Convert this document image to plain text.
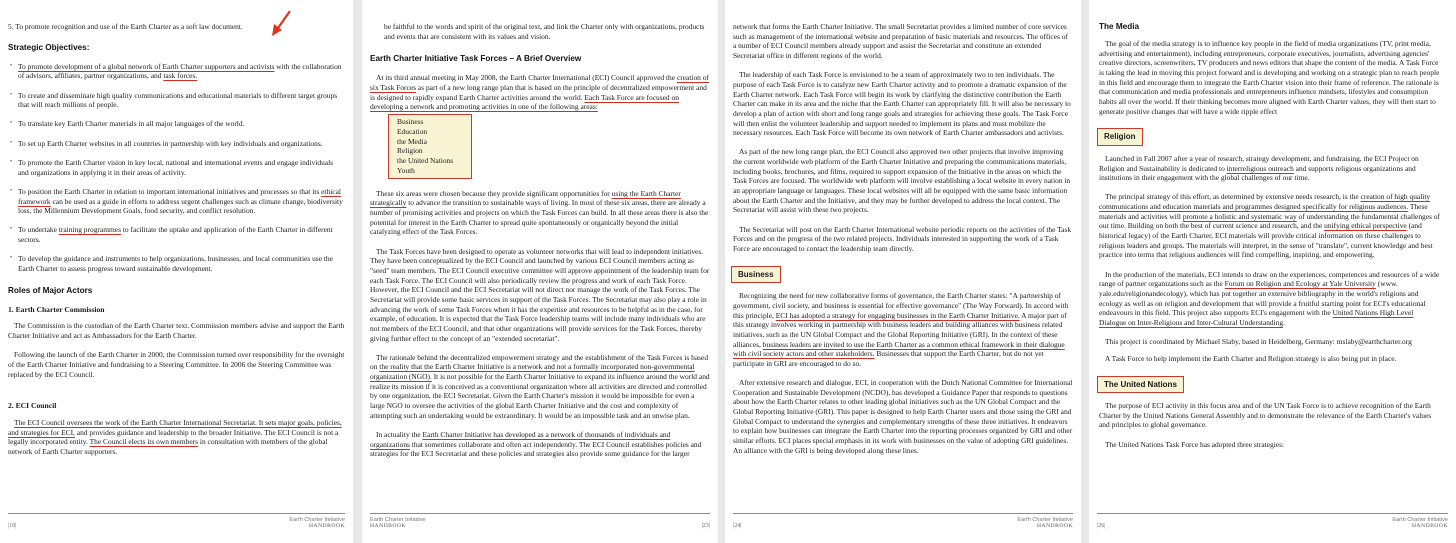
5. To promote recognition and use of the Earth Charter as a soft law document.

Strategic Objectives:
• To promote development of a global network of Earth Charter supporters and activists with the collaboration of advisors, affiliates, partner organizations, and task forces.
• To create and disseminate high quality communications and educational materials to different target groups that will reach millions of people.
• To translate key Earth Charter materials in all major languages of the world.
• To set up Earth Charter websites in all countries in partnership with key individuals and organizations.
• To promote the Earth Charter vision in key local, national and international events and engage individuals and organizations in applying it in their areas of activity.
• To position the Earth Charter in relation to important international initiatives and processes so that its ethical framework can be used as a guide in efforts to address urgent challenges such as climate change, biodiversity loss, the Millennium Development Goals, food security, and conflict resolution.
• To undertake training programmes to facilitate the uptake and application of the Earth Charter in different sectors.
• To develop the guidance and instruments to help organizations, businesses, and local communities use the Earth Charter to assess progress toward sustainable development.
Roles of Major Actors
1. Earth Charter Commission

The Commission is the custodian of the Earth Charter text. Commission members advise and support the Earth Charter Initiative and act as Ambassadors for the Earth Charter.

Following the launch of the Earth Charter in 2000, the Commission turned over responsibility for the oversight of the Earth Charter Initiative and fundraising to a Steering Committee. In 2006 the Steering Committee was replaced by the ECI Council.

2. ECI Council

The ECI Council oversees the work of the Earth Charter International Secretariat. It sets major goals, policies, and strategies for ECI, and provides guidance and leadership to the broader Initiative. The ECI Council is not a legally incorporated entity. The Council elects its own members in consultation with members of the global network of Earth Charter supporters.

|10|
Earth Charter Initiative
HANDBOOK

be faithful to the words and spirit of the original text, and link the Charter only with organizations, products and events that are consistent with its values and vision.

Earth Charter Initiative Task Forces – A Brief Overview

At its third annual meeting in May 2008, the Earth Charter International (ECI) Council approved the creation of six Task Forces as part of a new long range plan that is based on the principle of decentralized empowerment and is designed to rapidly expand Earth Charter activities around the world. Each Task Force are focused on developing a network and promoting activities in one of the following areas:

Business
Education
the Media
Religion
the United Nations
Youth

These six areas were chosen because they provide significant opportunities for using the Earth Charter strategically to advance the transition to sustainable ways of living. In most of these six areas, there are already a number of promising activities and projects on which the Task Forces can build. In all these areas there is also the potential for interest in the Earth Charter to spread quite spontaneously or organically beyond the initial catalyzing effect of the Task Forces.

The Task Forces have been designed to operate as volunteer networks that will lead to independent initiatives. They have been conceptualized by the ECI Council and launched by various ECI Council members acting as "seed" team members. The ECI Council executive committee will approve appointment of the leadership team for each Task Force. The ECI Council will also periodically review the progress and work of each Task Force. However, the ECI Council and the ECI Secretariat will not direct nor manage the work of the Task Forces. The Secretariat will provide some basic services in support of the Task Forces. The Secretariat may also play a role in advancing the work of some Task Forces when it has the expertise and resources to be helpful as in the case, for example, of education. It is expected that the Task Force leadership teams will include many individuals who are not members of the ECI Council, and that other organizations will provide services for the Task Forces, thereby giving further effect to the concept of an "extended secretariat".

The rationale behind the decentralized empowerment strategy and the establishment of the Task Forces is based on the reality that the Earth Charter Initiative is a network and not a formally incorporated non-governmental organization (NGO). It is not possible for the Earth Charter Initiative to expand its influence around the world and realize its mission if it is conceived as a conventional organization where all activities are directed and controlled by one organization, the ECI Secretariat. Given the Earth Charter's mission it would be impossible for even a large NGO to oversee the activities of the global Earth Charter Initiative and the cost and complexity of attempting such an undertaking would be extraordinary. It would be an impossible task and an unwise plan.

In actuality the Earth Charter Initiative has developed as a network of thousands of individuals and organizations that sometimes collaborate and often act independently. The ECI Council establishes policies and strategies for the ECI Secretariat and these policies and strategies also provide some guidance for the larger

Earth Charter Initiative
HANDBOOK	|23|

network that forms the Earth Charter Initiative. The small Secretariat provides a limited number of core services such as management of the international website and preparation of basic materials and resources. The offices of a number of ECI Council members already support and assist the Secretariat and constitute an extended Secretariat office in different regions of the world.

The leadership of each Task Force is envisioned to be a team of approximately two to ten individuals. The purpose of each Task Force is to catalyze new Earth Charter activity and to promote a dramatic expansion of the Earth Charter network. Each Task Force will begin its work by clarifying the distinctive contribution the Earth Charter can make in its area and the niche that the Earth Charter can appropriately fill. It will also be necessary to develop a plan of action with short and long range goals and strategies for achieving these goals. The Task Force will then enlist the volunteer leadership and support needed to implement its plans and must mobilize the necessary resources. Each Task Force will become its own network of Earth Charter ambassadors and activists.

As part of the new long range plan, the ECI Council also approved two other projects that involve improving the current worldwide web platform of the Earth Charter Initiative and preparing the communications materials, including books, brochures, and films, required to support expansion of the Initiative in the areas on which the Task Forces are focused. The worldwide web platform will involve establishing a local website in every nation in an appropriate language or languages. These local websites will all be equipped with the same basic information about the Earth Charter and the Initiative, and they may be further developed to address the local context. The Secretariat will assist with these two projects.

The Secretariat will post on the Earth Charter International website periodic reports on the activities of the Task Forces and on the progress of the two related projects. Individuals interested in supporting the work of a Task Force are encouraged to contact the leadership team directly.

Business

Recognizing the need for new collaborative forms of governance, the Earth Charter states: "A partnership of government, civil society, and business is essential for effective governance" (The Way Forward). In accord with this principle, ECI has adopted a strategy for engaging businesses in the Earth Charter Initiative. A major part of this strategy involves working in partnership with business leaders and building alliances with business related initiatives, such as the UN Global Compact and the Global Reporting Initiative (GRI). In the context of these alliances, business leaders are invited to use the Earth Charter as a common ethical framework in their dialogue with civil society actors and other stakeholders. Businesses that support the Earth Charter, but do not yet participate in GRI are encouraged to do so.

After extensive research and dialogue, ECI, in cooperation with the Dutch National Committee for International Cooperation and Sustainable Development (NCDO), has developed a Guidance Paper that responds to questions about how the Earth Charter relates to other leading global initiatives such as the UN Global Compact and the Global Reporting Initiative (GRI). This paper is designed to help Earth Charter users and those using the GRI and Global Compact to understand the synergies and complementary strengths of these three initiatives. It endeavors to explain how businesses can integrate the Earth Charter into the reporting processes organized by GRI and other similar efforts. ECI places special emphasis in its work with businesses on the value of adopting GRI guidelines. An alliance with the GRI is being developed along these lines.

|24|
Earth Charter Initiative
HANDBOOK
The Media

The goal of the media strategy is to influence key people in the field of media organizations (TV, print media, advertising and entertainment), including entrepreneurs, corporate executives, journalists, advertising agencies' creative directors, screenwriters, TV producers and news editors that shape the content of the media. A Task Force is taking the lead in moving this project forward and is developing and working on a strategic plan to reach people in this field and encourage them to integrate the Earth Charter vision into their frame of reference. The rationale is that communication and media professionals and entrepreneurs influence mindsets, lifestyles and consumption habits all over the world. If their thinking becomes more aligned with Earth Charter values, they will then start to generate positive changes that will have a wide ripple effect

Religion

Launched in Fall 2007 after a year of research, strategy development, and fundraising, the ECI Project on Religion and Sustainability is dedicated to interreligious outreach and supports religious organizations and institutions in their engagement with the global challenges of our time.

The principal strategy of this effort, as determined by extensive needs research, is the creation of high quality communications and education materials and programmes designed specifically for religious audiences. These materials and activities will promote a holistic and systematic way of understanding the fundamental challenges of our time. Building on both the best of current science and research, and the unifying ethical perspective (and historical legacy) of the Earth Charter, ECI materials will provide critical information on these challenges to religious leaders and groups. The materials will interpret, in the sense of "translate", current knowledge and best practice into terms that religious audiences will find compelling, inspiring, and empowering.

In the production of the materials, ECI intends to draw on the experiences, competences and resources of a wide range of partner organizations such as the Forum on Religion and Ecology at Yale University (www. yale.edu/religionandecology), which has put together an extensive bibliography in the world's religions and ecology as well as on religion and development that will provide a fruitful starting point for ECI's educational endeavours in this field. This project also supports ECI's engagement with the United Nations High Level Dialogue on Inter-Religious and Inter-Cultural Understanding.

This project is coordinated by Michael Slaby, based in Heidelberg, Germany: mslaby@earthcharter.org

A Task Force to help implement the Earth Charter and Religion strategy is also being put in place.

The United Nations

The purpose of ECI activity in this focus area and of the UN Task Force is to achieve recognition of the Earth Charter by the United Nations General Assembly and to demonstrate the relevance of the Earth Charter's values and principles to global governance.

The United Nations Task Force has adopted three strategies:

|26|
Earth Charter Initiative
HANDBOOK
